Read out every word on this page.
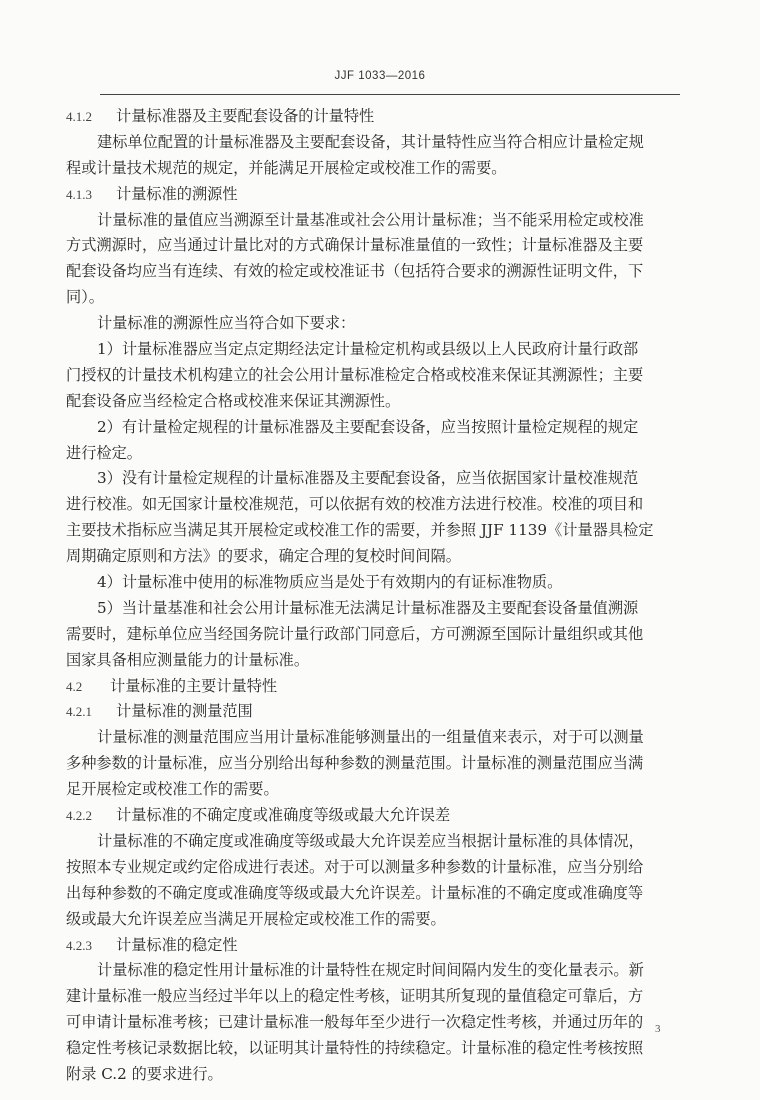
JJF 1033—2016
4.1.2 计量标准器及主要配套设备的计量特性
建标单位配置的计量标准器及主要配套设备，其计量特性应当符合相应计量检定规
程或计量技术规范的规定，并能满足开展检定或校准工作的需要。
4.1.3 计量标准的溯源性
计量标准的量值应当溯源至计量基准或社会公用计量标准；当不能采用检定或校准
方式溯源时，应当通过计量比对的方式确保计量标准量值的一致性；计量标准器及主要
配套设备均应当有连续、有效的检定或校准证书（包括符合要求的溯源性证明文件，下
同）。
计量标准的溯源性应当符合如下要求：
1）计量标准器应当定点定期经法定计量检定机构或县级以上人民政府计量行政部
门授权的计量技术机构建立的社会公用计量标准检定合格或校准来保证其溯源性；主要
配套设备应当经检定合格或校准来保证其溯源性。
2）有计量检定规程的计量标准器及主要配套设备，应当按照计量检定规程的规定
进行检定。
3）没有计量检定规程的计量标准器及主要配套设备，应当依据国家计量校准规范
进行校准。如无国家计量校准规范，可以依据有效的校准方法进行校准。校准的项目和
主要技术指标应当满足其开展检定或校准工作的需要，并参照 JJF 1139《计量器具检定
周期确定原则和方法》的要求，确定合理的复校时间间隔。
4）计量标准中使用的标准物质应当是处于有效期内的有证标准物质。
5）当计量基准和社会公用计量标准无法满足计量标准器及主要配套设备量值溯源
需要时，建标单位应当经国务院计量行政部门同意后，方可溯源至国际计量组织或其他
国家具备相应测量能力的计量标准。
4.2 计量标准的主要计量特性
4.2.1 计量标准的测量范围
计量标准的测量范围应当用计量标准能够测量出的一组量值来表示，对于可以测量
多种参数的计量标准，应当分别给出每种参数的测量范围。计量标准的测量范围应当满
足开展检定或校准工作的需要。
4.2.2 计量标准的不确定度或准确度等级或最大允许误差
计量标准的不确定度或准确度等级或最大允许误差应当根据计量标准的具体情况，
按照本专业规定或约定俗成进行表述。对于可以测量多种参数的计量标准，应当分别给
出每种参数的不确定度或准确度等级或最大允许误差。计量标准的不确定度或准确度等
级或最大允许误差应当满足开展检定或校准工作的需要。
4.2.3 计量标准的稳定性
计量标准的稳定性用计量标准的计量特性在规定时间间隔内发生的变化量表示。新
建计量标准一般应当经过半年以上的稳定性考核，证明其所复现的量值稳定可靠后，方
可申请计量标准考核；已建计量标准一般每年至少进行一次稳定性考核，并通过历年的
稳定性考核记录数据比较，以证明其计量特性的持续稳定。计量标准的稳定性考核按照
附录 C.2 的要求进行。
3
